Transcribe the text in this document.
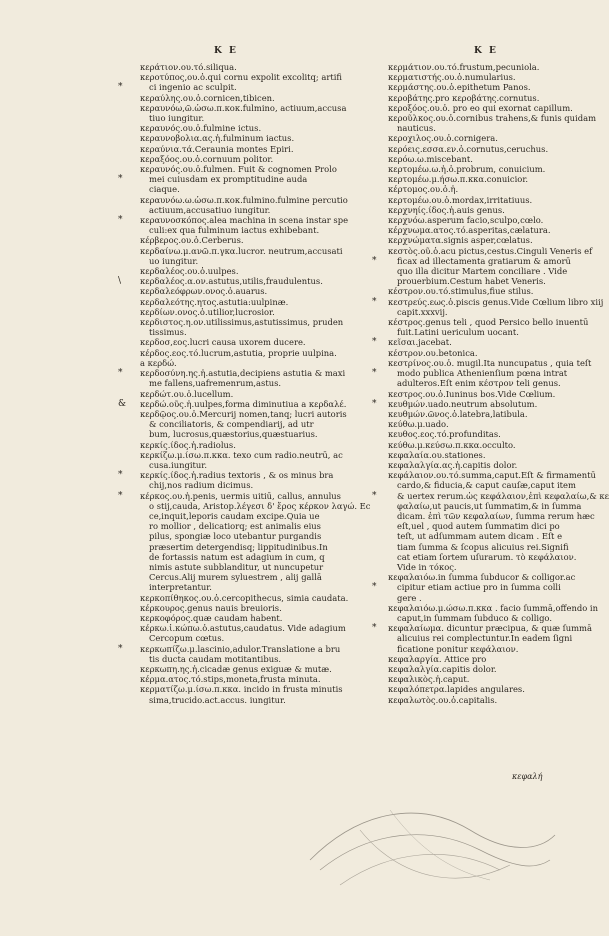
K E	K E
κεράτιον.ου.τό.siliqua.
κεροτύπος,ου.ὁ.qui cornu expolit excolitq; artifi
*	ci ingenio ac sculpit.
κεραύλης.ου.ὁ.cornicen,tibicen.
κεραυνόω,ῶ.ὡσω.π.κοκ.fulmino, actiuum,accusa
tiuo iungitur.
κεραυνός.ου.ὁ.fulmine ictus.
κεραυνοβολια.ας.ἡ.fulminum iactus.
κεραύνια.τά.Ceraunia montes Epiri.
κεραξόος.ου.ὁ.cornuum politor.
κεραυνός.ου.ὁ.fulmen. Fuit & cognomen Prolo
*	mei cuiusdam ex promptitudine auda
ciaque.
κεραυνόω.ω.ὡσω.π.κοκ.fulmino.fulmine percutio
actiuum,accusatiuo iungitur.
* κεραυνοσκόπος.alea machina in scena instar spe
culi:ex qua fulminum iactus exhibebant.
κέρβερος.ου.ὁ.Cerberus.
κερδαίνω.μ.ανῶ.π.γκα.lucror. neutrum,accusati
uo iungitur.
κερδαλέος.ου.ὁ.uulpes.
\ κερδαλέος.α.ον.astutus,utilis,fraudulentus.
κερδαλεόφρων.ονος.ὁ.auarus.
κερδαλεότης.ητος.astutia:uulpinæ.
κερδίων.ονος.ὁ.utilior,lucrosior.
κερδιστος.η.ον.utilissimus,astutissimus, pruden
tissimus.
κερδοσ,εος.lucri causa uxorem ducere.
κέρδος.εος.τό.lucrum,astutia, proprie uulpina.
a κερδώ.
* κερδοσύνη.ης.ἡ.astutia,decipiens astutia & maxi
me fallens,uafremenrum,astus.
κερδώτ.ου.ὁ.lucellum.
& κερδώ.οῦς.ἡ.uulpes,forma diminutiua a κερδαλέ.
κερδῷος.ου.ὁ.Mercurij nomen,tanq; lucri autoris
& conciliatoris, & compendiarij, ad utr
bum, lucrosus,quæstorius,quæstuarius.
κερκίς.ίδος.ἡ.radiolus.
κερκίζω.μ.ίσω.π.κκα. texo cum radio.neutrū, ac
cusa.iungitur.
* κερκίς.ίδος.ἡ.radius textoris , & os minus bra
chij,nos radium dicimus.
* κέρκος.ου.ἡ.penis, uermis uitiū, callus, annulus
o stij,cauda, Aristop.λέγεσι δ' ἔρος κέρκον λαγώ. Ec
ce,inquit,leporis caudam excipe.Quia ue
ro mollior , delicatiorq; est animalis eius
pilus, spongiæ loco utebantur purgandis
præsertim detergendisq; lippitudinibus.In
de fortassis natum est adagium in cum, q
nimis astute subblanditur, ut nuncupetur
Cercus.Alij murem syluestrem , alij gallā
interpretantur.
κερκοπίθηκος.ου.ὁ.cercopithecus, simia caudata.
κέρκουρος.genus nauis breuioris.
κερκοφόρος.quæ caudam habent.
κέρκω.ἰ.κώπω.ὁ.astutus,caudatus. Vide adagium
Cercopum cœtus.
* κερκωπίζω.μ.lascinio,adulor.Translatione a bru
tis ducta caudam motitantibus.
κερκωπη.ης.ἡ.cicadæ genus exiguæ & mutæ.
κέρμα.ατος.τό.stips,moneta,frusta minuta.
κερματίζω.μ.ίσω.π.κκα. incido in frusta minutis
sima,trucido.act.accus. iungitur.
κερμάτιον.ου.τό.frustum,pecuniola.
κερματιστής.ου.ὁ.numularius.
κερμάστης.ου.ὁ.epithetum Panos.
κεροβάτης.pro κεροβάτης.cornutus.
κεροξόος.ου.ὁ. pro eo qui exornat capillum.
κεροῦλκος.ου.ὁ.cornibus trahens,& funis quidam
nauticus.
κεροχιλος.ου.ὁ.cornigera.
κερόεις.εσσα.εν.ὁ.cornutus,ceruchus.
κερόω.ω.miscebant.
κερτομέω.ω.ἡ.ὁ.probrum, conuicium.
κερτομέω.μ.ήσω.π.κκα.conuicior.
κέρτομος.ου.ὁ.ἡ.
κερτομέω.ου.ὁ.mordax,irritatiuus.
κερχνηίς.ίδος.ἡ.auis genus.
κερχνόω.asperum facio,sculpo,cœlo.
κέρχνωμα.ατος.τό.asperitas,cælatura.
κερχνώματα.signis asper,cœlatus.
κεστὸς.οῦ.ὁ.acu pictus,cestus.Cinguli Veneris ef
* ficax ad illectamenta gratiarum & amorū
quo illa dicitur Martem conciliare . Vide
prouerbium.Cestum habet Veneris.
κέστρον.ου.τό.stimulus,fiue stilus.
* κεστρεύς.εως.ὁ.piscis genus.Vide Cœlium libro xiij
capit.xxxvij.
κέστρος.genus teli , quod Persico bello inuentū
fuit.Latini uericulum uocant.
* κεῖσαι.jacebat.
κέστρον.ου.betonica.
κεστρίνος.ου.ὁ. mugil.Ita nuncupatus , quia teſt
* modo publica Athenienſium pœna intrat
adulteros.Eſt enim κέστρον teli genus.
κεστρος.ου.ὁ.Iuninus bos.Vide Cœlium.
* κευθμών.uado.neutrum absolutum.
κευθμών.ῶνος.ὁ.latebra,latibula.
κεύθω.μ.uado.
κευθος.εος.τό.profunditas.
κεύθω.μ.κεύσω.π.κκα.occulto.
κεφαλαία.ου.stationes.
κεφαλαλγία.ας.ἡ.capitis dolor.
κεφάλαιον.ου.τό.summa,caput.Eſt & firmamentū
cardo,& fiducia,& caput cauſæ,caput item
* & uertex rerum.ὡς κεφάλαιον,ἐπὶ κεφαλαίω,& κε
φαλαίω,ut paucis,ut ſummatim,& in ſumma
dicam. ἐπὶ τῶν κεφαλαίων, ſumma rerum hæc
eſt,uel , quod autem ſummatim dici po
teſt, ut adſummam autem dicam . Eſt e
tiam ſumma & ſcopus alicuius rei.Signifi
cat etiam ſortem uſurarum. τὸ κεφάλαιον.
Vide in τόκος.
κεφαλαιόω.in ſumma ſubducor & colligor.ac
* cipitur etiam actiue pro in ſumma colli
gere .
κεφαλαιόω.μ.ώσω.π.κκα . facio ſummā,offendo in
caput,in ſummam ſubduco & colligo.
* κεφαλαίωμα. dicuntur præcipua, & quæ ſummā
alicuius rei complectuntur.In eadem ſigni
ficatione ponitur κεφάλαιον.
κεφαλαργία. Attice pro
κεφαλαλγία.capitis dolor.
κεφαλικὸς.ἡ.caput.
κεφαλόπετρα.lapides angulares.
κεφαλωτὸς.ου.ὁ.capitalis.
κεφαλή
